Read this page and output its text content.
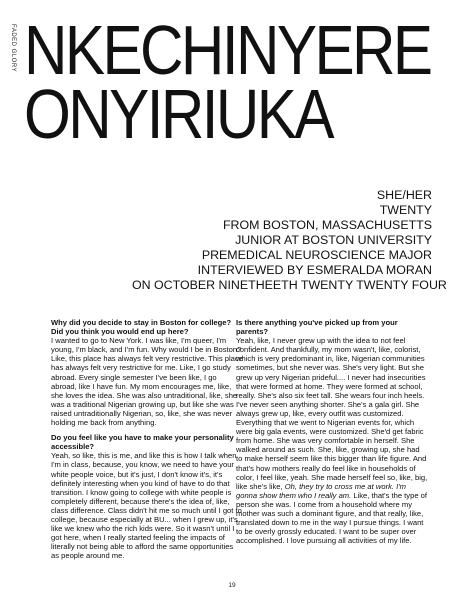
FADED GLORY NKECHINYERE
ONYIRIUKA
SHE/HER
TWENTY
FROM BOSTON, MASSACHUSETTS
JUNIOR AT BOSTON UNIVERSITY
PREMEDICAL NEUROSCIENCE MAJOR
INTERVIEWED BY ESMERALDA MORAN
ON OCTOBER NINETHEETH TWENTY TWENTY FOUR
Why did you decide to stay in Boston for college? Did you think you would end up here?

I wanted to go to New York. I was like, I'm queer, I'm young, I'm black, and I'm fun. Why would I be in Boston? Like, this place has always felt very restrictive. This place has always felt very restrictive for me. Like, I go study abroad. Every single semester I've been like, I go abroad, like I have fun. My mom encourages me, like, she loves the idea. She was also untraditional, like, she was a traditional Nigerian growing up, but like she was raised untraditionally Nigerian, so, like, she was never holding me back from anything.

Do you feel like you have to make your personality accessible?

Yeah, so like, this is me, and like this is how I talk when I'm in class, because, you know, we need to have your white people voice, but it's just, I don't know it's, it's definitely interesting when you kind of have to do that transition. I know going to college with white people is completely different, because there's the idea of, like, class difference. Class didn't hit me so much until I got to college, because especially at BU... when I grew up, it's like we knew who the rich kids were. So it wasn't until I got here, when I really started feeling the impacts of literally not being able to afford the same opportunities as people around me.

Is there anything you've picked up from your parents?

Yeah, like, I never grew up with the idea to not feel confident. And thankfully, my mom wasn't, like, colorist, which is very predominant in, like, Nigerian communities sometimes, but she never was. She's very light. But she grew up very Nigerian prideful.... I never had insecurities that were formed at home. They were formed at school, really. She's also six feet tall. She wears four inch heels. I've never seen anything shorter. She's a gala girl. She always grew up, like, every outfit was customized. Everything that we went to Nigerian events for, which were big gala events, were customized. She'd get fabric from home. She was very comfortable in herself. She walked around as such. She, like, growing up, she had to make herself seem like this bigger than life figure. And that's how mothers really do feel like in households of color, I feel like, yeah. She made herself feel so, like, big, like she's like, Oh, they try to cross me at work. I'm gonna show them who I really am. Like, that's the type of person she was. I come from a household where my mother was such a dominant figure, and that really, like, translated down to me in the way I pursue things. I want to be overly grossly educated. I want to be super over accomplished. I love pursuing all activities of my life.

19
